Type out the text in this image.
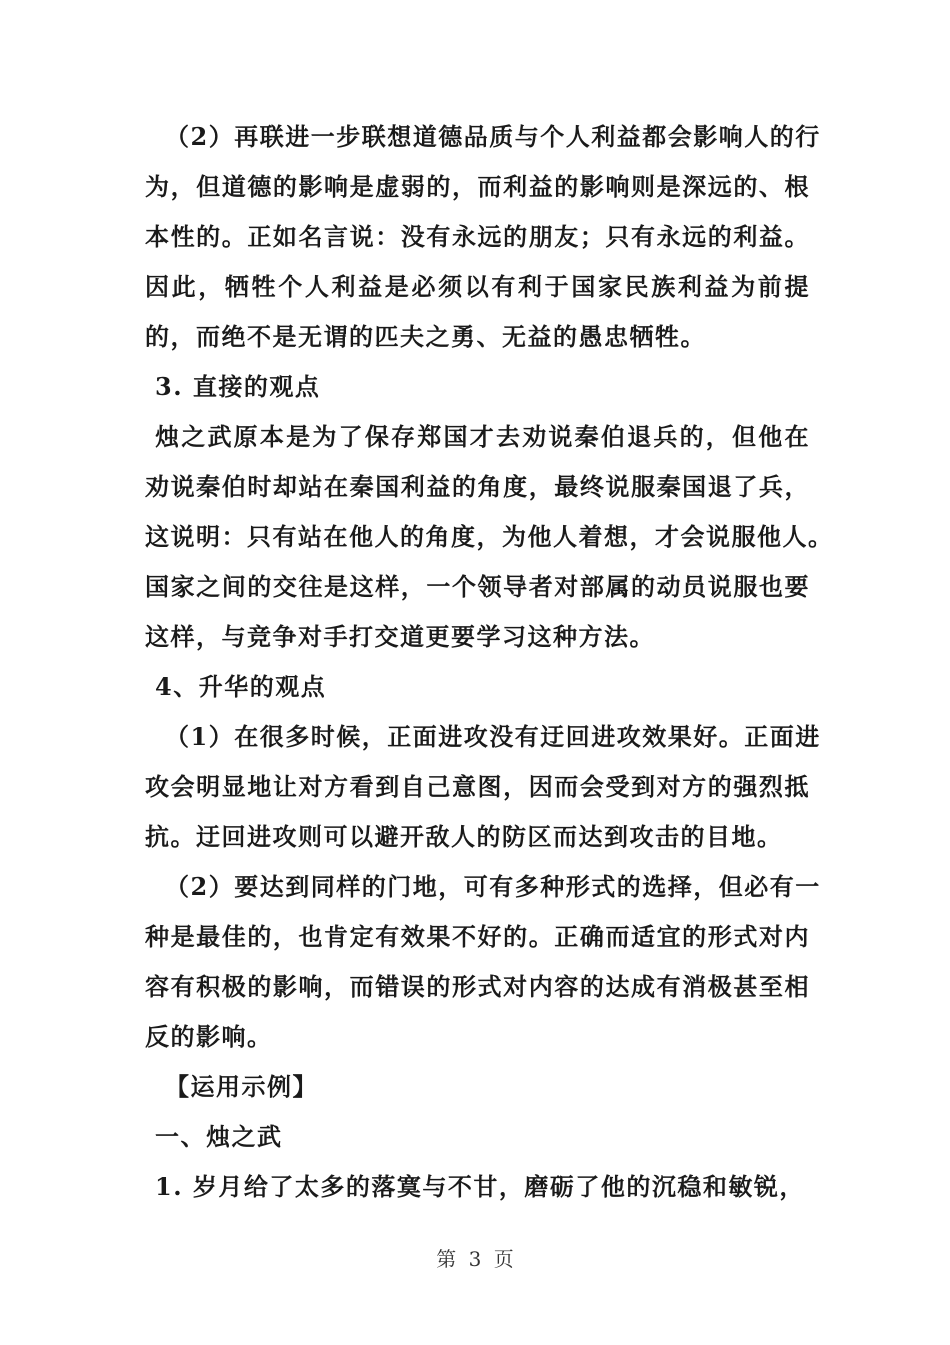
（2）再联进一步联想道德品质与个人利益都会影响人的行
为，但道德的影响是虚弱的，而利益的影响则是深远的、根
本性的。正如名言说：没有永远的朋友；只有永远的利益。
因此，牺牲个人利益是必须以有利于国家民族利益为前提
的，而绝不是无谓的匹夫之勇、无益的愚忠牺牲。
3. 直接的观点
烛之武原本是为了保存郑国才去劝说秦伯退兵的，但他在
劝说秦伯时却站在秦国利益的角度，最终说服秦国退了兵，
这说明：只有站在他人的角度，为他人着想，才会说服他人。
国家之间的交往是这样，一个领导者对部属的动员说服也要
这样，与竞争对手打交道更要学习这种方法。
4、升华的观点
（1）在很多时候，正面进攻没有迂回进攻效果好。正面进
攻会明显地让对方看到自己意图，因而会受到对方的强烈抵
抗。迂回进攻则可以避开敌人的防区而达到攻击的目地。
（2）要达到同样的门地，可有多种形式的选择，但必有一
种是最佳的，也肯定有效果不好的。正确而适宜的形式对内
容有积极的影响，而错误的形式对内容的达成有消极甚至相
反的影响。
【运用示例】
一、烛之武
1. 岁月给了太多的落寞与不甘，磨砺了他的沉稳和敏锐，
第 3 页
